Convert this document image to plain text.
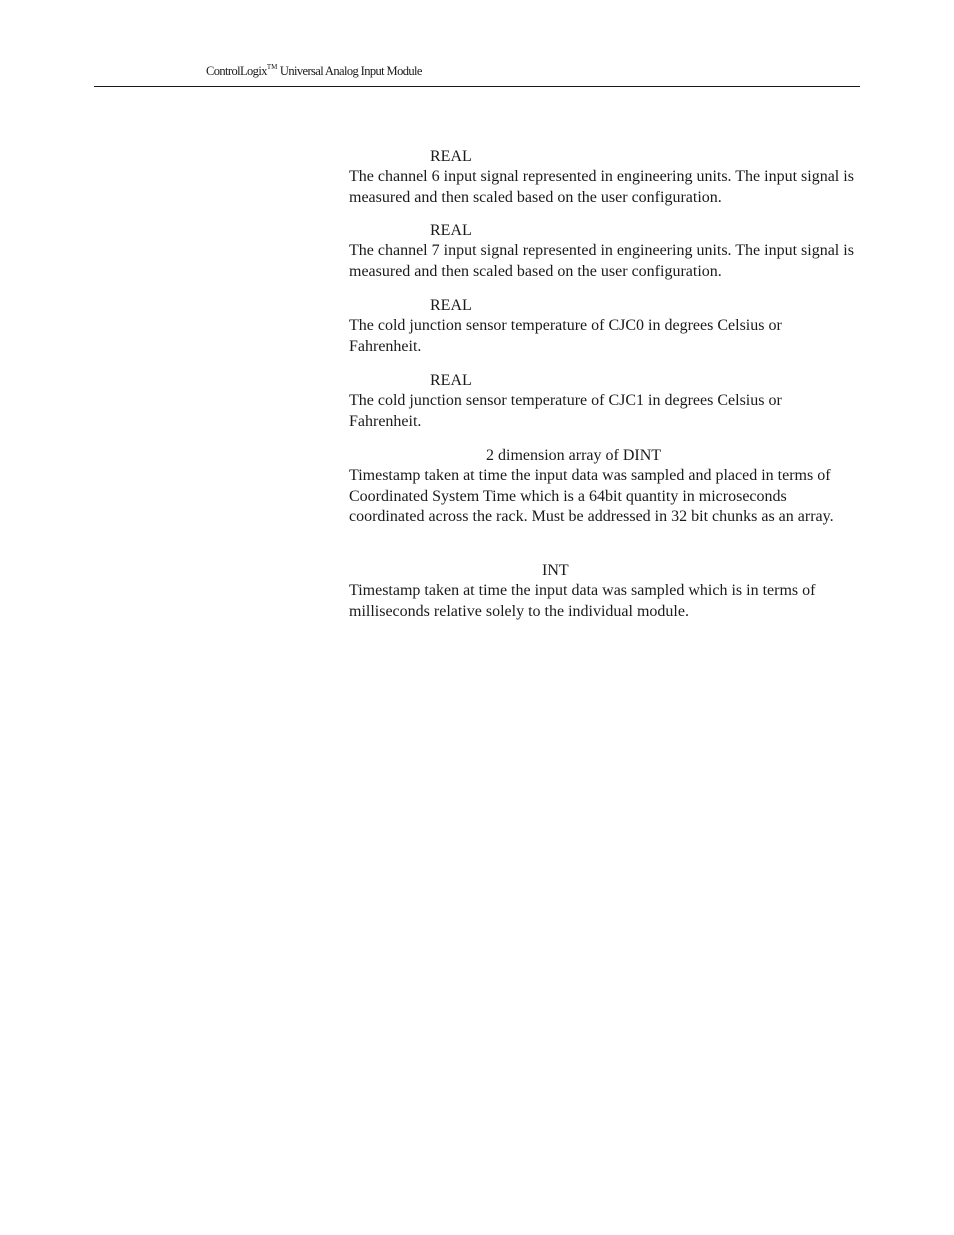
ControlLogix™ Universal Analog Input Module
REAL

The channel 6 input signal represented in engineering units. The input signal is measured and then scaled based on the user configuration.

REAL

The channel 7 input signal represented in engineering units. The input signal is measured and then scaled based on the user configuration.

REAL

The cold junction sensor temperature of CJC0 in degrees Celsius or Fahrenheit.

REAL

The cold junction sensor temperature of CJC1 in degrees Celsius or Fahrenheit.

2 dimension array of DINT

Timestamp taken at time the input data was sampled and placed in terms of Coordinated System Time which is a 64bit quantity in microseconds coordinated across the rack. Must be addressed in 32 bit chunks as an array.

INT

Timestamp taken at time the input data was sampled which is in terms of milliseconds relative solely to the individual module.
